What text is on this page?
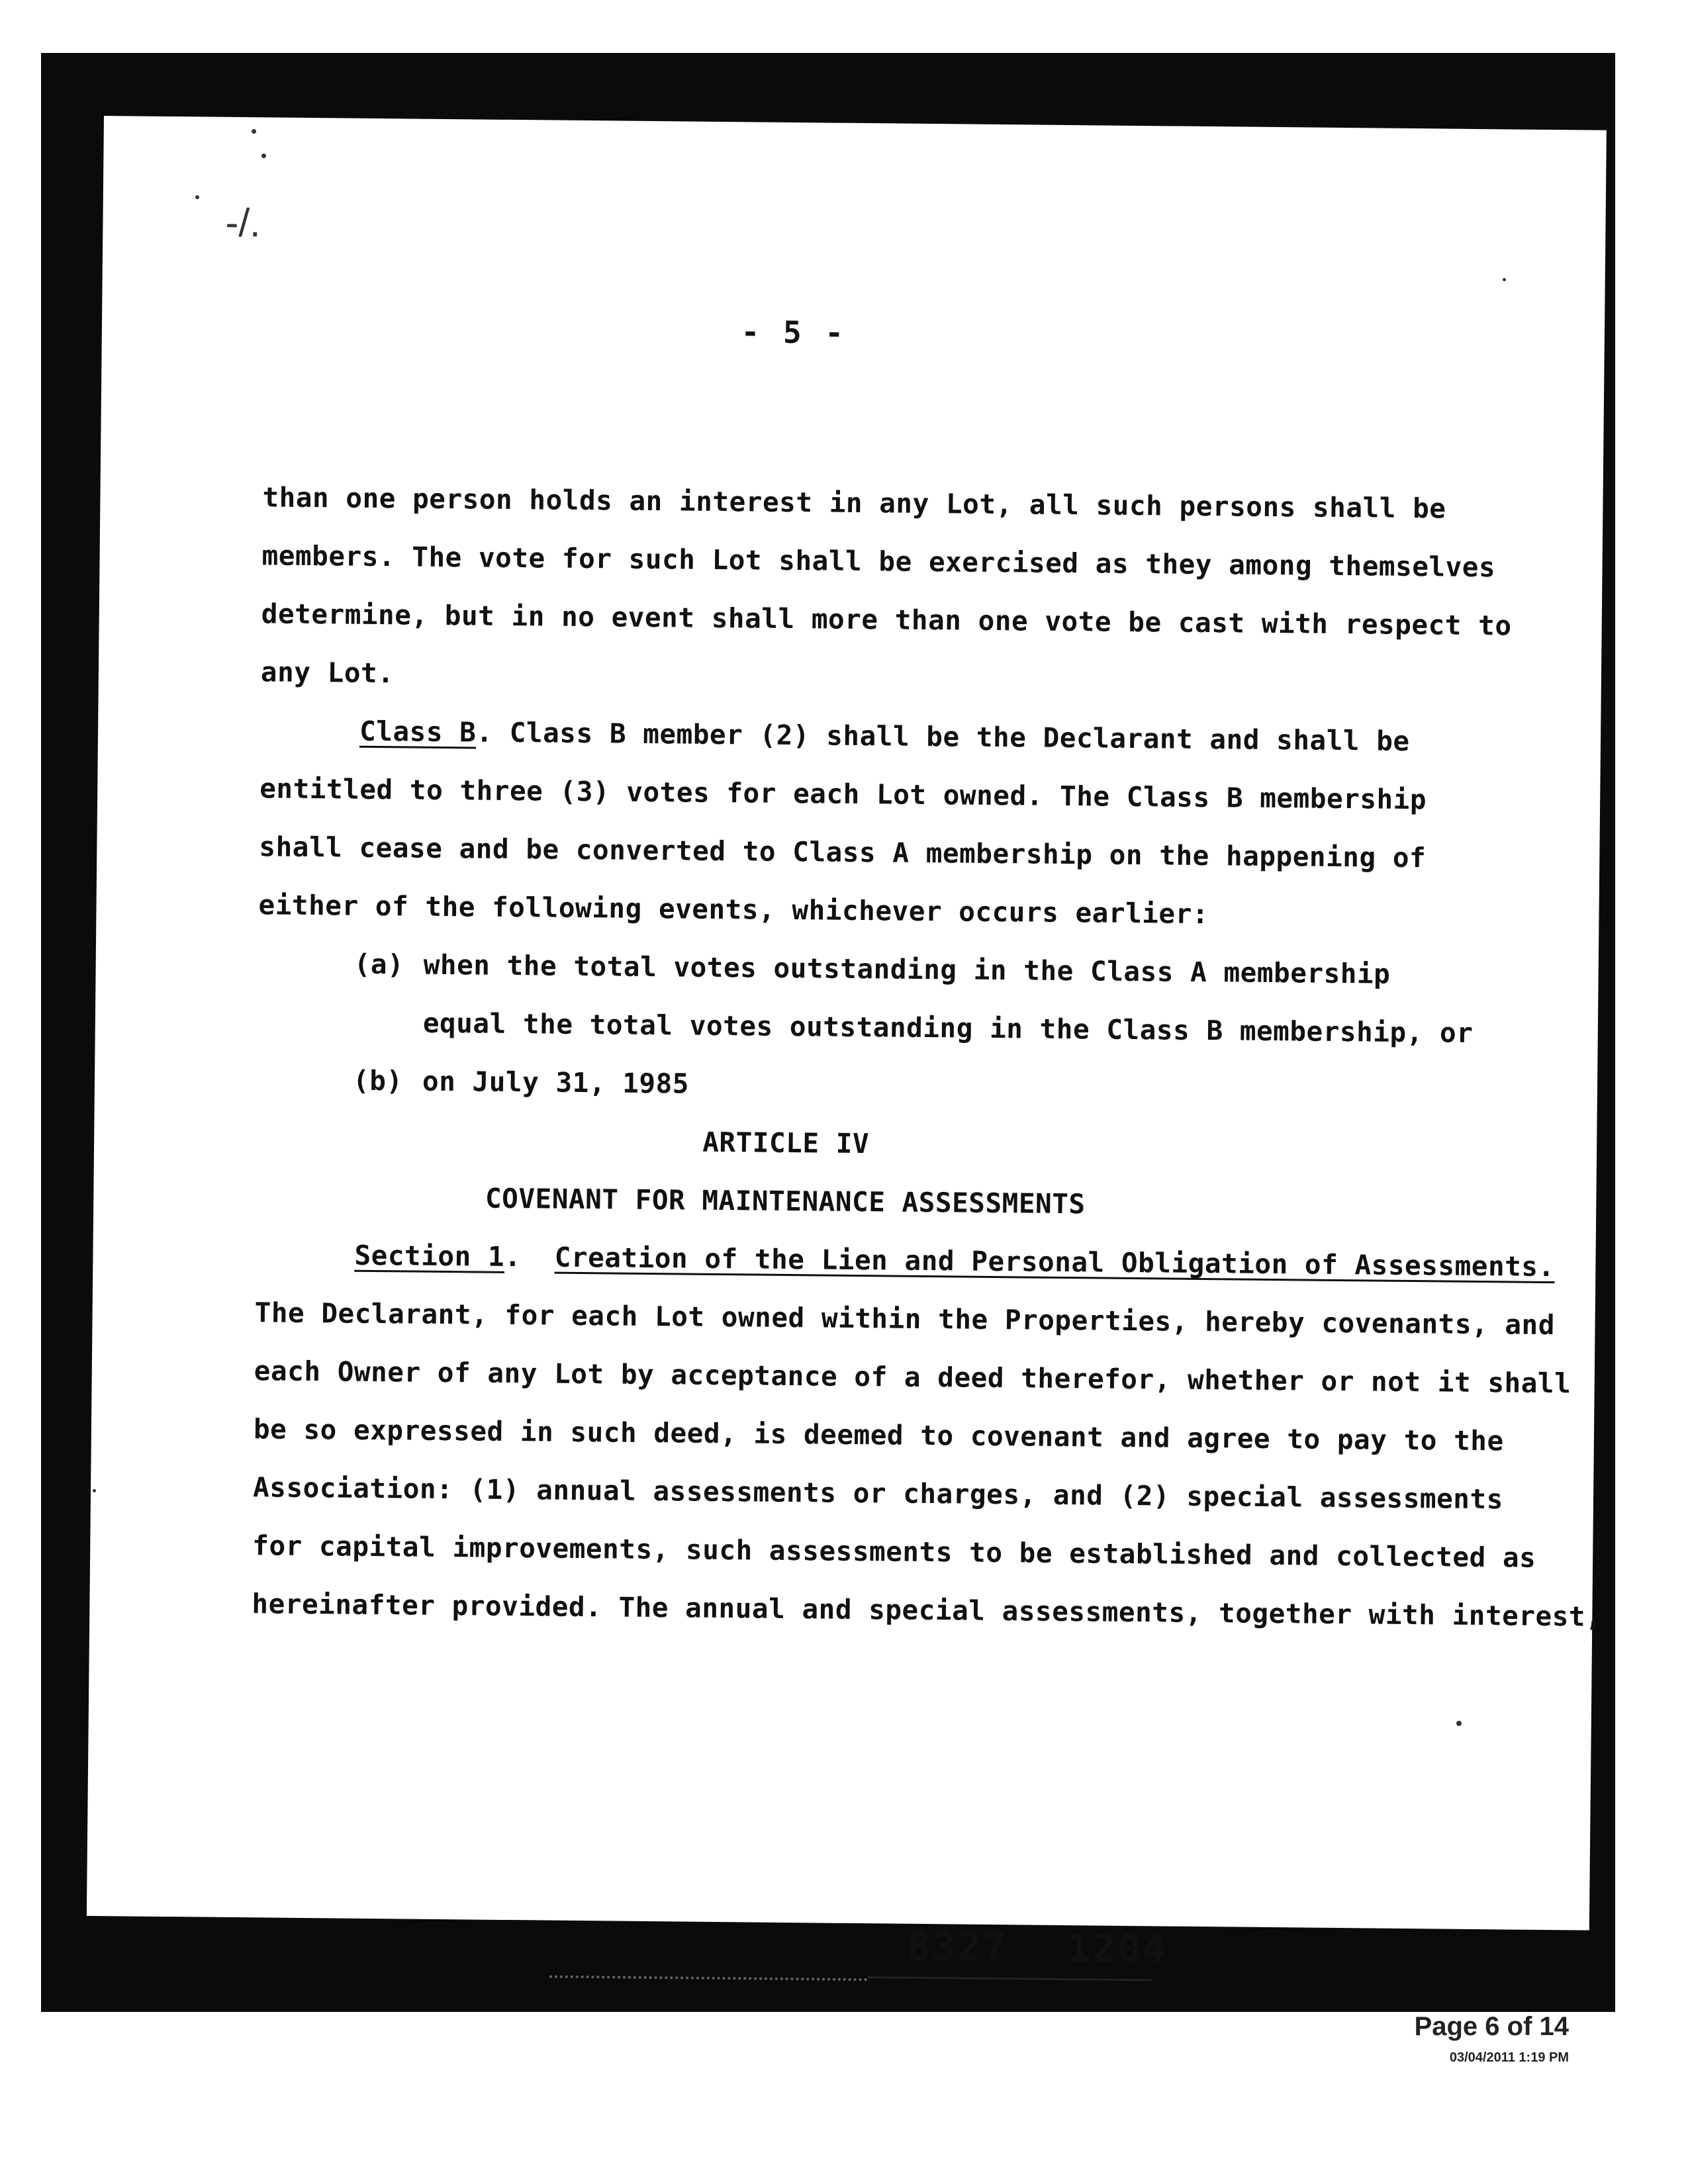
-/.
- 5 -
than one person holds an interest in any Lot, all such persons shall be
members. The vote for such Lot shall be exercised as they among themselves
determine, but in no event shall more than one vote be cast with respect to
any Lot.
Class B. Class B member (2) shall be the Declarant and shall be
entitled to three (3) votes for each Lot owned. The Class B membership
shall cease and be converted to Class A membership on the happening of
either of the following events, whichever occurs earlier:
(a) when the total votes outstanding in the Class A membership
equal the total votes outstanding in the Class B membership, or
(b) on July 31, 1985
ARTICLE IV
COVENANT FOR MAINTENANCE ASSESSMENTS
Section 1.  Creation of the Lien and Personal Obligation of Assessments.
The Declarant, for each Lot owned within the Properties, hereby covenants, and
each Owner of any Lot by acceptance of a deed therefor, whether or not it shall
be so expressed in such deed, is deemed to covenant and agree to pay to the
Association: (1) annual assessments or charges, and (2) special assessments
for capital improvements, such assessments to be established and collected as
hereinafter provided. The annual and special assessments, together with interest,
8327 1204
Page 6 of 14
03/04/2011 1:19 PM
